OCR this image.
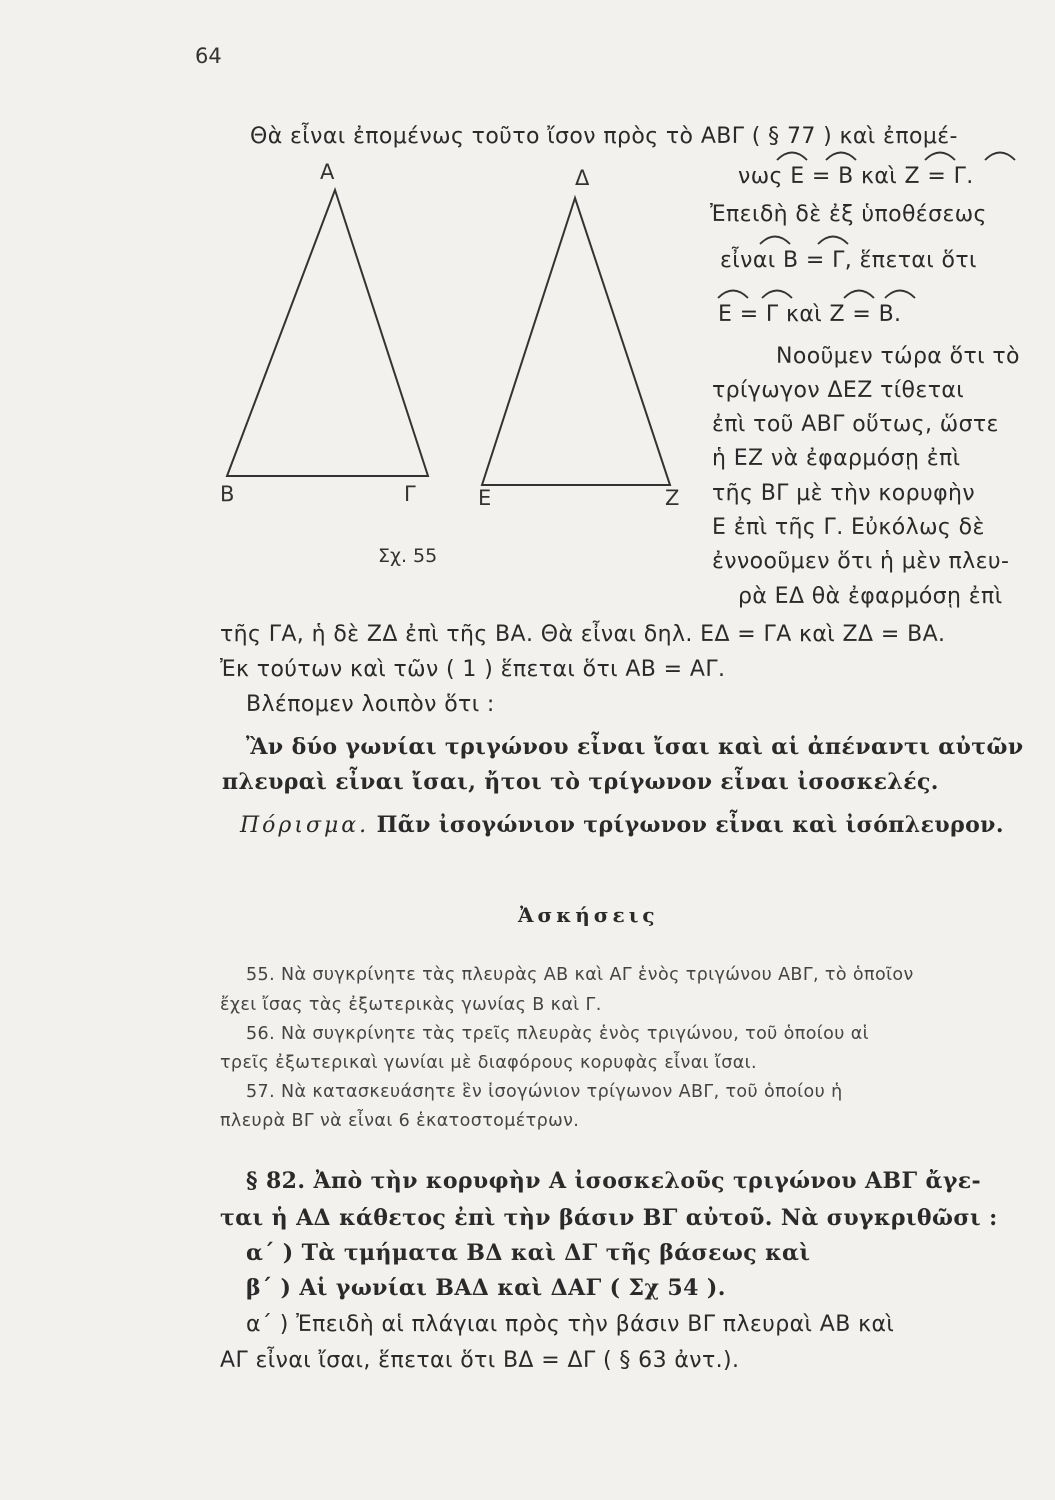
64
Α
Β	Γ
Δ
Ε	Ζ
Σχ. 55
Θὰ εἶναι ἐπομένως τοῦτο ἴσον πρὸς τὸ ΑΒΓ ( § 77 ) καὶ ἐπομέ-
νως Ε = Β καὶ Ζ = Γ.
Ἐπειδὴ δὲ ἐξ ὑποθέσεως
εἶναι Β = Γ, ἕπεται ὅτι
Ε = Γ καὶ Ζ = Β.
Νοοῦμεν τώρα ὅτι τὸ
τρίγωγον ΔΕΖ τίθεται
ἐπὶ τοῦ ΑΒΓ οὕτως, ὥστε
ἡ ΕΖ νὰ ἐφαρμόσῃ ἐπὶ
τῆς ΒΓ μὲ τὴν κορυφὴν
Ε ἐπὶ τῆς Γ. Εὐκόλως δὲ
ἐννοοῦμεν ὅτι ἡ μὲν πλευ-
ρὰ ΕΔ θὰ ἐφαρμόσῃ ἐπὶ
τῆς ΓΑ, ἡ δὲ ΖΔ ἐπὶ τῆς ΒΑ. Θὰ εἶναι δηλ. ΕΔ = ΓΑ καὶ ΖΔ = ΒΑ.
Ἐκ τούτων καὶ τῶν ( 1 ) ἕπεται ὅτι ΑΒ = ΑΓ.
Βλέπομεν λοιπὸν ὅτι :
Ἂν δύο γωνίαι τριγώνου εἶναι ἴσαι καὶ αἱ ἀπέναντι αὐτῶν
πλευραὶ εἶναι ἴσαι, ἤτοι τὸ τρίγωνον εἶναι ἰσοσκελές.
Πόρισμα. Πᾶν ἰσογώνιον τρίγωνον εἶναι καὶ ἰσόπλευρον.
Ἀσκήσεις
55. Νὰ συγκρίνητε τὰς πλευρὰς ΑΒ καὶ ΑΓ ἑνὸς τριγώνου ΑΒΓ, τὸ ὁποῖον
ἔχει ἴσας τὰς ἐξωτερικὰς γωνίας Β καὶ Γ.
56. Νὰ συγκρίνητε τὰς τρεῖς πλευρὰς ἑνὸς τριγώνου, τοῦ ὁποίου αἱ
τρεῖς ἐξωτερικαὶ γωνίαι μὲ διαφόρους κορυφὰς εἶναι ἴσαι.
57. Νὰ κατασκευάσητε ἓν ἰσογώνιον τρίγωνον ΑΒΓ, τοῦ ὁποίου ἡ
πλευρὰ ΒΓ νὰ εἶναι 6 ἑκατοστομέτρων.
§ 82. Ἀπὸ τὴν κορυφὴν Α ἰσοσκελοῦς τριγώνου ΑΒΓ ἄγε-
ται ἡ ΑΔ κάθετος ἐπὶ τὴν βάσιν ΒΓ αὐτοῦ. Νὰ συγκριθῶσι :
α΄ ) Τὰ τμήματα ΒΔ καὶ ΔΓ τῆς βάσεως καὶ
β΄ ) Αἱ γωνίαι ΒΑΔ καὶ ΔΑΓ ( Σχ 54 ).
α΄ ) Ἐπειδὴ αἱ πλάγιαι πρὸς τὴν βάσιν ΒΓ πλευραὶ ΑΒ καὶ
ΑΓ εἶναι ἴσαι, ἕπεται ὅτι ΒΔ = ΔΓ ( § 63 ἀντ.).
